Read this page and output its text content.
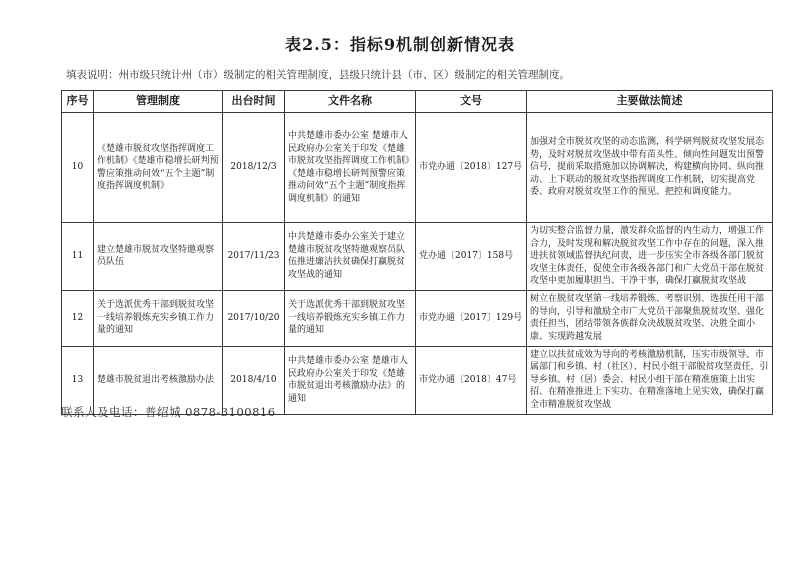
表2.5：指标9机制创新情况表
填表说明：州市级只统计州（市）级制定的相关管理制度，县级只统计县（市、区）级制定的相关管理制度。
序号	管理制度	出台时间	文件名称	文号	主要做法简述
10	《楚雄市脱贫攻坚指挥调度工作机制》《楚雄市稳增长研判预警应策推动问效“五个主题”制度指挥调度机制》	2018/12/3	中共楚雄市委办公室 楚雄市人民政府办公室关于印发《楚雄市脱贫攻坚指挥调度工作机制》《楚雄市稳增长研判预警应策推动问效“五个主题”制度指挥调度机制》的通知	市党办通〔2018〕127号	加强对全市脱贫攻坚的动态监测，科学研判脱贫攻坚发展态势，及时对脱贫攻坚战中带有苗头性、倾向性问题发出预警信号，提前采取措施加以协调解决，构建横向协同、纵向推动、上下联动的脱贫攻坚指挥调度工作机制，切实提高党委、政府对脱贫攻坚工作的预见、把控和调度能力。
11	建立楚雄市脱贫攻坚特邀观察员队伍	2017/11/23	中共楚雄市委办公室关于建立楚雄市脱贫攻坚特邀观察员队伍推进廉洁扶贫确保打赢脱贫攻坚战的通知	党办通〔2017〕158号	为切实整合监督力量，激发群众监督的内生动力，增强工作合力，及时发现和解决脱贫攻坚工作中存在的问题，深入推进扶贫领域监督执纪问责，进一步压实全市各级各部门脱贫攻坚主体责任，促使全市各级各部门和广大党员干部在脱贫攻坚中更加履职担当、干净干事，确保打赢脱贫攻坚战
12	关于选派优秀干部到脱贫攻坚一线培养锻炼充实乡镇工作力量的通知	2017/10/20	关于选派优秀干部到脱贫攻坚一线培养锻炼充实乡镇工作力量的通知	市党办通〔2017〕129号	树立在脱贫攻坚第一线培养锻炼、考察识别、选拔任用干部的导向，引导和激励全市广大党员干部聚焦脱贫攻坚、强化责任担当，团结带领各族群众决战脱贫攻坚、决胜全面小康、实现跨越发展
13	楚雄市脱贫退出考核激励办法	2018/4/10	中共楚雄市委办公室 楚雄市人民政府办公室关于印发《楚雄市脱贫退出考核激励办法》的通知	市党办通〔2018〕47号	建立以扶贫成效为导向的考核激励机制，压实市级领导、市属部门和乡镇、村（社区）、村民小组干部脱贫攻坚责任，引导乡镇、村（居）委会、村民小组干部在精准施策上出实招、在精准推进上下实功、在精准落地上见实效，确保打赢全市精准脱贫攻坚战
联系人及电话：普绍城 0878-3100816
